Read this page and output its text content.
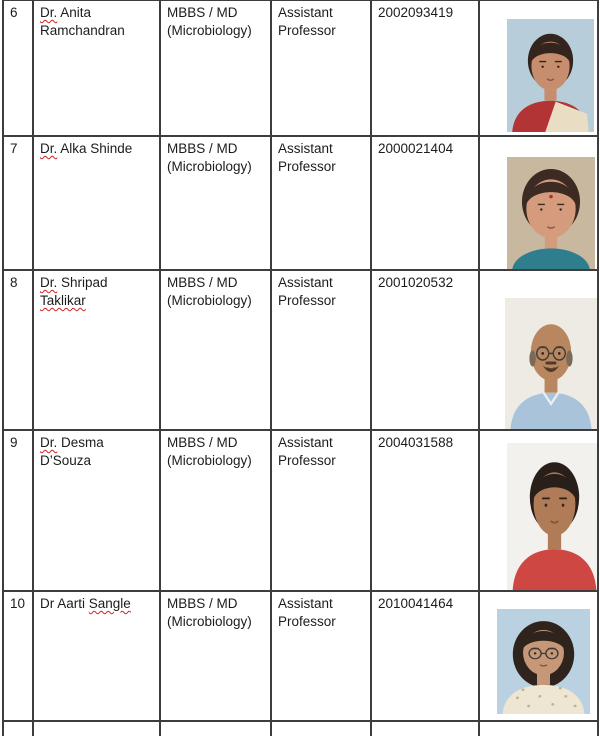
6	Dr. Anita Ramchandran	MBBS / MD (Microbiology)	Assistant Professor	2002093419	

7	Dr. Alka Shinde	MBBS / MD (Microbiology)	Assistant Professor	2000021404	

8	Dr. Shripad Taklikar	MBBS / MD (Microbiology)	Assistant Professor	2001020532	

9	Dr. Desma D’Souza	MBBS / MD (Microbiology)	Assistant Professor	2004031588	

10	Dr Aarti Sangle	MBBS / MD (Microbiology)	Assistant Professor	2010041464	
